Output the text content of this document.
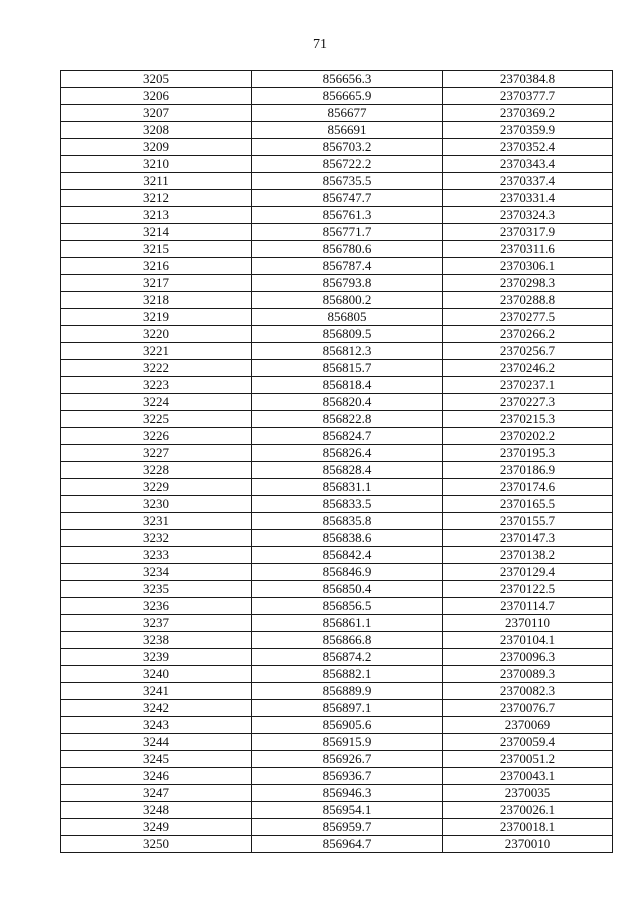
71
3205	856656.3	2370384.8
3206	856665.9	2370377.7
3207	856677	2370369.2
3208	856691	2370359.9
3209	856703.2	2370352.4
3210	856722.2	2370343.4
3211	856735.5	2370337.4
3212	856747.7	2370331.4
3213	856761.3	2370324.3
3214	856771.7	2370317.9
3215	856780.6	2370311.6
3216	856787.4	2370306.1
3217	856793.8	2370298.3
3218	856800.2	2370288.8
3219	856805	2370277.5
3220	856809.5	2370266.2
3221	856812.3	2370256.7
3222	856815.7	2370246.2
3223	856818.4	2370237.1
3224	856820.4	2370227.3
3225	856822.8	2370215.3
3226	856824.7	2370202.2
3227	856826.4	2370195.3
3228	856828.4	2370186.9
3229	856831.1	2370174.6
3230	856833.5	2370165.5
3231	856835.8	2370155.7
3232	856838.6	2370147.3
3233	856842.4	2370138.2
3234	856846.9	2370129.4
3235	856850.4	2370122.5
3236	856856.5	2370114.7
3237	856861.1	2370110
3238	856866.8	2370104.1
3239	856874.2	2370096.3
3240	856882.1	2370089.3
3241	856889.9	2370082.3
3242	856897.1	2370076.7
3243	856905.6	2370069
3244	856915.9	2370059.4
3245	856926.7	2370051.2
3246	856936.7	2370043.1
3247	856946.3	2370035
3248	856954.1	2370026.1
3249	856959.7	2370018.1
3250	856964.7	2370010
